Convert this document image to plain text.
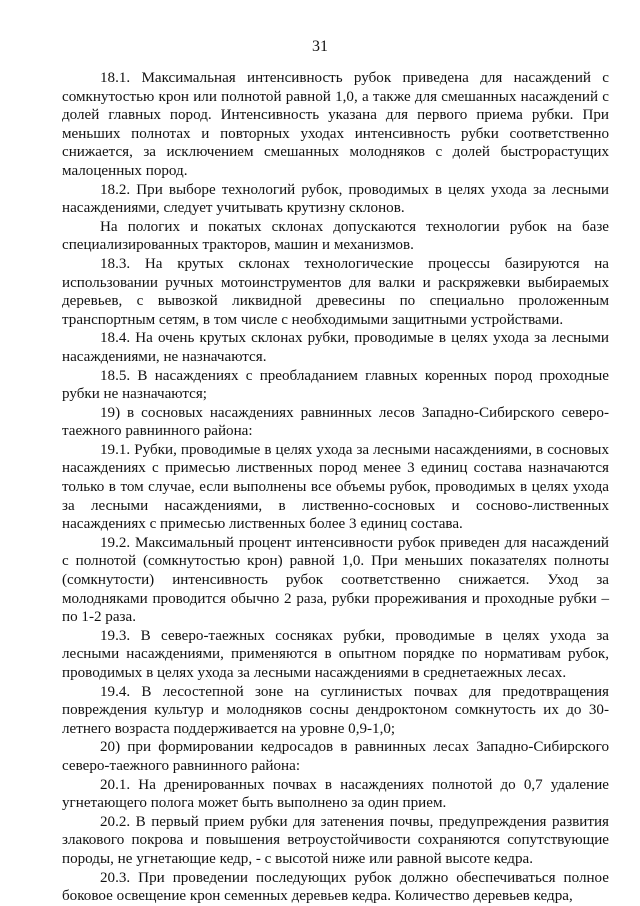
31

18.1. Максимальная интенсивность рубок приведена для насаждений с сомкнутостью крон или полнотой равной 1,0, а также для смешанных насаждений с долей главных пород. Интенсивность указана для первого приема рубки. При меньших полнотах и повторных уходах интенсивность рубки соответственно снижается, за исключением смешанных молодняков с долей быстрорастущих малоценных пород.

18.2. При выборе технологий рубок, проводимых в целях ухода за лесными насаждениями, следует учитывать крутизну склонов.

На пологих и покатых склонах допускаются технологии рубок на базе специализированных тракторов, машин и механизмов.

18.3. На крутых склонах технологические процессы базируются на использовании ручных мотоинструментов для валки и раскряжевки выбираемых деревьев, с вывозкой ликвидной древесины по специально проложенным транспортным сетям, в том числе с необходимыми защитными устройствами.

18.4. На очень крутых склонах рубки, проводимые в целях ухода за лесными насаждениями, не назначаются.

18.5. В насаждениях с преобладанием главных коренных пород проходные рубки не назначаются;

19) в сосновых насаждениях равнинных лесов Западно-Сибирского северо-таежного равнинного района:

19.1. Рубки, проводимые в целях ухода за лесными насаждениями, в сосновых насаждениях с примесью лиственных пород менее 3 единиц состава назначаются только в том случае, если выполнены все объемы рубок, проводимых в целях ухода за лесными насаждениями, в лиственно-сосновых и сосново-лиственных насаждениях с примесью лиственных более 3 единиц состава.

19.2. Максимальный процент интенсивности рубок приведен для насаждений с полнотой (сомкнутостью крон) равной 1,0. При меньших показателях полноты (сомкнутости) интенсивность рубок соответственно снижается. Уход за молодняками проводится обычно 2 раза, рубки прореживания и проходные рубки – по 1-2 раза.

19.3. В северо-таежных сосняках рубки, проводимые в целях ухода за лесными насаждениями, применяются в опытном порядке по нормативам рубок, проводимых в целях ухода за лесными насаждениями в среднетаежных лесах.

19.4. В лесостепной зоне на суглинистых почвах для предотвращения повреждения культур и молодняков сосны дендроктоном сомкнутость их до 30-летнего возраста поддерживается на уровне 0,9-1,0;

20) при формировании кедросадов в равнинных лесах Западно-Сибирского северо-таежного равнинного района:

20.1. На дренированных почвах в насаждениях полнотой до 0,7 удаление угнетающего полога может быть выполнено за один прием.

20.2. В первый прием рубки для затенения почвы, предупреждения развития злакового покрова и повышения ветроустойчивости сохраняются сопутствующие породы, не угнетающие кедр, - с высотой ниже или равной высоте кедра.

20.3. При проведении последующих рубок должно обеспечиваться полное боковое освещение крон семенных деревьев кедра. Количество деревьев кедра,
